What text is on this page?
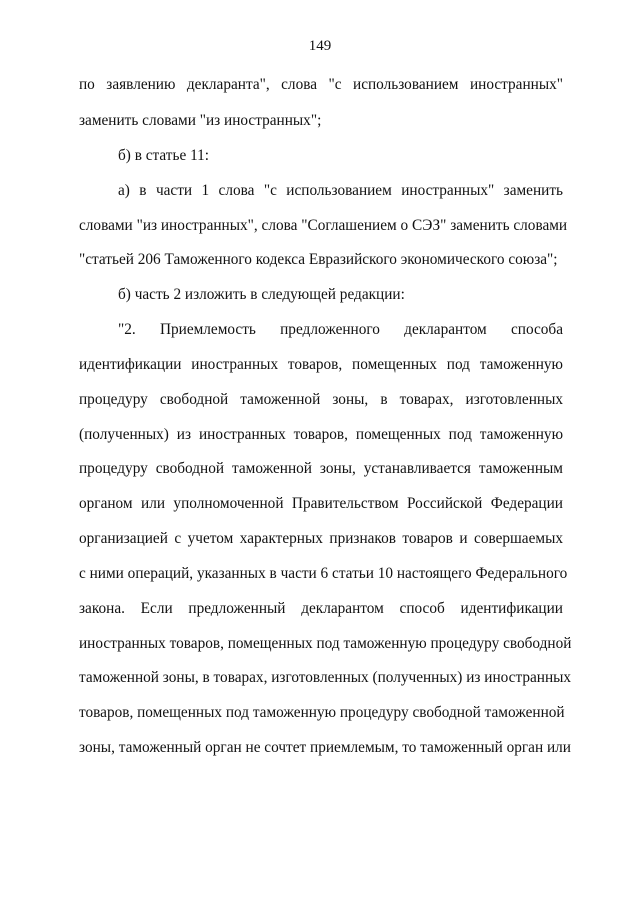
149
по заявлению декларанта", слова "с использованием иностранных"
заменить словами "из иностранных";
б) в статье 11:
а) в части 1 слова "с использованием иностранных" заменить
словами "из иностранных", слова "Соглашением о СЭЗ" заменить словами
"статьей 206 Таможенного кодекса Евразийского экономического союза";
б) часть 2 изложить в следующей редакции:
"2. Приемлемость предложенного декларантом способа
идентификации иностранных товаров, помещенных под таможенную
процедуру свободной таможенной зоны, в товарах, изготовленных
(полученных) из иностранных товаров, помещенных под таможенную
процедуру свободной таможенной зоны, устанавливается таможенным
органом или уполномоченной Правительством Российской Федерации
организацией с учетом характерных признаков товаров и совершаемых
с ними операций, указанных в части 6 статьи 10 настоящего Федерального
закона. Если предложенный декларантом способ идентификации
иностранных товаров, помещенных под таможенную процедуру свободной
таможенной зоны, в товарах, изготовленных (полученных) из иностранных
товаров, помещенных под таможенную процедуру свободной таможенной
зоны, таможенный орган не сочтет приемлемым, то таможенный орган или
